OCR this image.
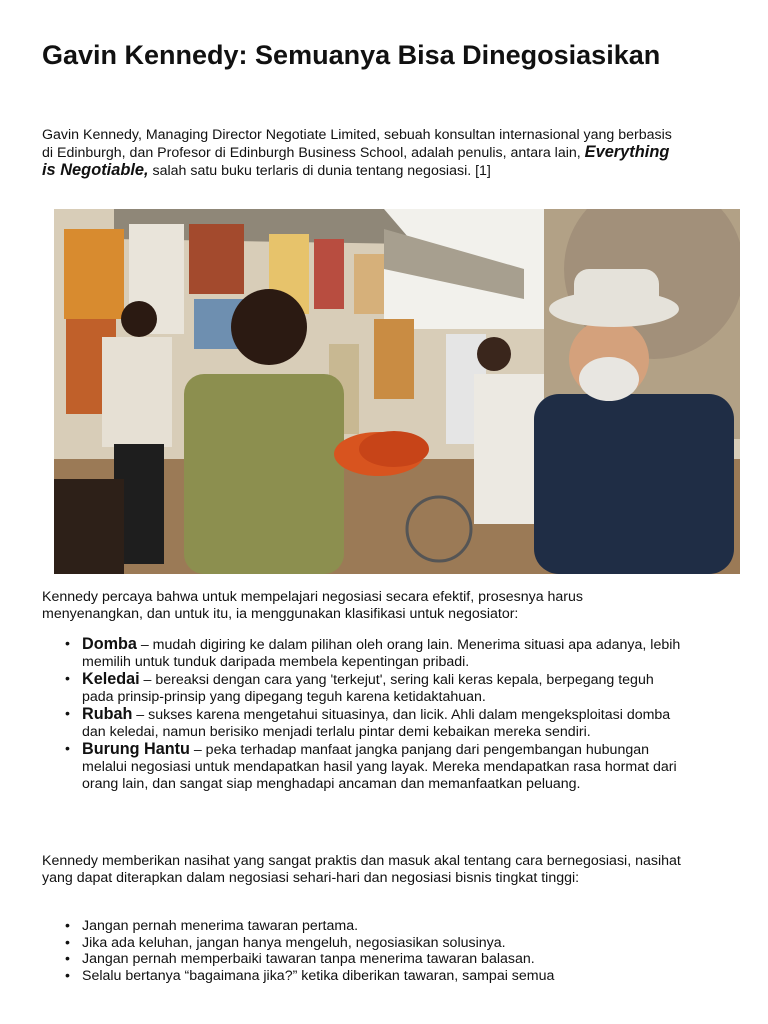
Gavin Kennedy: Semuanya Bisa Dinegosiasikan

Gavin Kennedy, Managing Director Negotiate Limited, sebuah konsultan internasional yang berbasis di Edinburgh, dan Profesor di Edinburgh Business School, adalah penulis, antara lain, Everything is Negotiable, salah satu buku terlaris di dunia tentang negosiasi. [1]

Kennedy percaya bahwa untuk mempelajari negosiasi secara efektif, prosesnya harus menyenangkan, dan untuk itu, ia menggunakan klasifikasi untuk negosiator:

• Domba – mudah digiring ke dalam pilihan oleh orang lain. Menerima situasi apa adanya, lebih memilih untuk tunduk daripada membela kepentingan pribadi.
• Keledai – bereaksi dengan cara yang 'terkejut', sering kali keras kepala, berpegang teguh pada prinsip-prinsip yang dipegang teguh karena ketidaktahuan.
• Rubah – sukses karena mengetahui situasinya, dan licik. Ahli dalam mengeksploitasi domba dan keledai, namun berisiko menjadi terlalu pintar demi kebaikan mereka sendiri.
• Burung Hantu – peka terhadap manfaat jangka panjang dari pengembangan hubungan melalui negosiasi untuk mendapatkan hasil yang layak. Mereka mendapatkan rasa hormat dari orang lain, dan sangat siap menghadapi ancaman dan memanfaatkan peluang.

Kennedy memberikan nasihat yang sangat praktis dan masuk akal tentang cara bernegosiasi, nasihat yang dapat diterapkan dalam negosiasi sehari-hari dan negosiasi bisnis tingkat tinggi:

• Jangan pernah menerima tawaran pertama.
• Jika ada keluhan, jangan hanya mengeluh, negosiasikan solusinya.
• Jangan pernah memperbaiki tawaran tanpa menerima tawaran balasan.
• Selalu bertanya “bagaimana jika?” ketika diberikan tawaran, sampai semua
